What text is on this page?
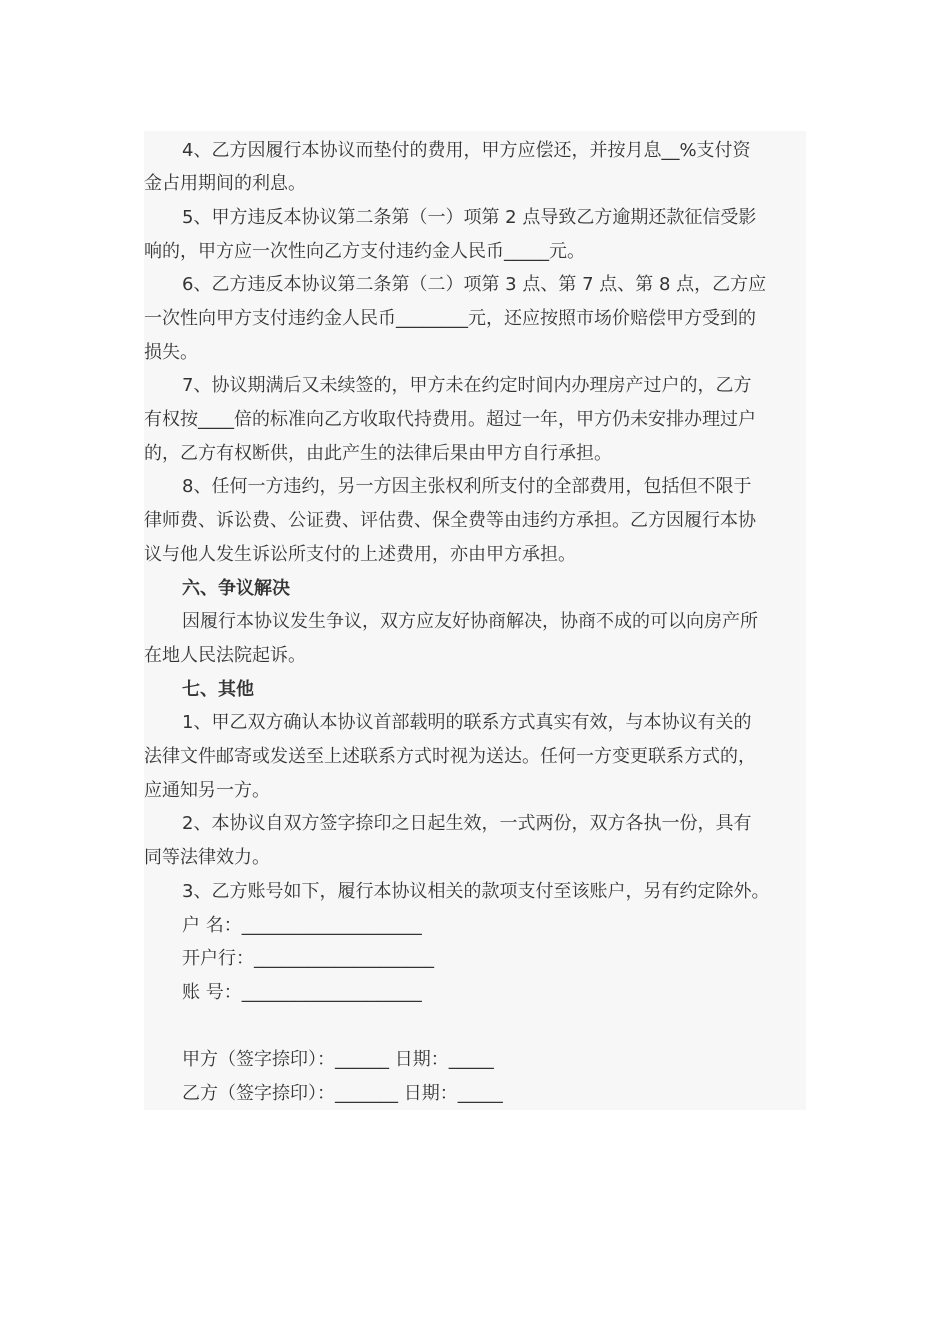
4、乙方因履行本协议而垫付的费用，甲方应偿还，并按月息__%支付资
金占用期间的利息。
5、甲方违反本协议第二条第（一）项第 2 点导致乙方逾期还款征信受影
响的，甲方应一次性向乙方支付违约金人民币_____元。
6、乙方违反本协议第二条第（二）项第 3 点、第 7 点、第 8 点，乙方应
一次性向甲方支付违约金人民币________元，还应按照市场价赔偿甲方受到的
损失。
7、协议期满后又未续签的，甲方未在约定时间内办理房产过户的，乙方
有权按____倍的标准向乙方收取代持费用。超过一年，甲方仍未安排办理过户
的，乙方有权断供，由此产生的法律后果由甲方自行承担。
8、任何一方违约，另一方因主张权利所支付的全部费用，包括但不限于
律师费、诉讼费、公证费、评估费、保全费等由违约方承担。乙方因履行本协
议与他人发生诉讼所支付的上述费用，亦由甲方承担。
六、争议解决
因履行本协议发生争议，双方应友好协商解决，协商不成的可以向房产所
在地人民法院起诉。
七、其他
1、甲乙双方确认本协议首部载明的联系方式真实有效，与本协议有关的
法律文件邮寄或发送至上述联系方式时视为送达。任何一方变更联系方式的，
应通知另一方。
2、本协议自双方签字捺印之日起生效，一式两份，双方各执一份，具有
同等法律效力。
3、乙方账号如下，履行本协议相关的款项支付至该账户，另有约定除外。
户 名：____________________
开户行：____________________
账 号：____________________
甲方（签字捺印）：______ 日期：_____
乙方（签字捺印）：_______ 日期：_____
